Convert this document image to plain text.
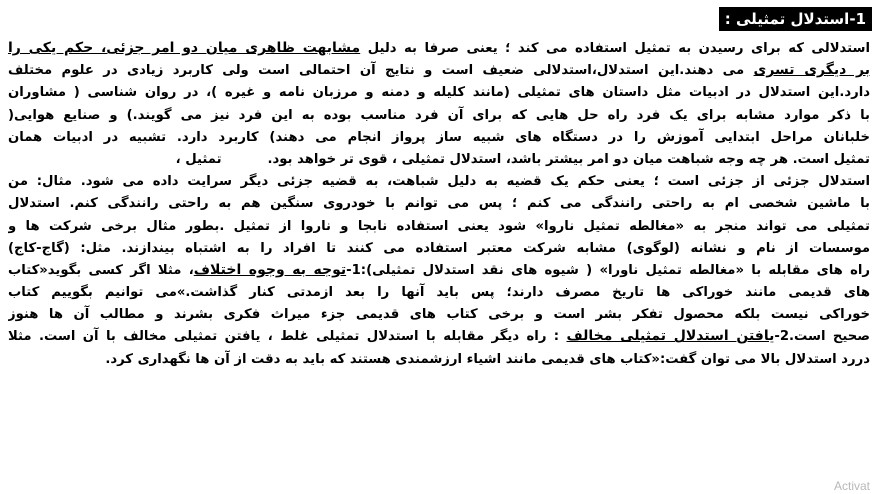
1-استدلال تمثیلی :
استدلالی که برای رسیدن به تمثیل استفاده می کند ؛ یعنی صرفا به دلیل مشابهت ظاهری میان دو امر جزئی، حکم یکی را
بر دیگری تسری می دهند.این استدلال،استدلالی ضعیف است و نتایج آن احتمالی است ولی کاربرد زیادی در علوم مختلف
دارد.این استدلال در ادبیات مثل داستان های تمثیلی (مانند کلیله و دمنه و مرزبان نامه و غیره )، در روان شناسی ( مشاوران
با ذکر موارد مشابه برای یک فرد راه حل هایی که برای آن فرد مناسب بوده به این فرد نیز می گویند.) و صنایع هوایی(
خلبانان مراحل ابتدایی آموزش را در دستگاه های شبیه ساز پرواز انجام می دهند) کاربرد دارد. تشبیه در ادبیات همان
تمثیل است. هر چه وجه شباهت میان دو امر بیشتر باشد، استدلال تمثیلی ، قوی تر خواهد بود.          تمثیل ،
استدلال جزئی از جزئی است ؛ یعنی حکم یک قضیه به دلیل شباهت، به قضیه جزئی دیگر سرایت داده می شود. مثال: من
با ماشین شخصی ام به راحتی رانندگی می کنم ؛ پس می توانم با خودروی سنگین هم به راحتی رانندگی کنم. استدلال
تمثیلی می تواند منجر به «مغالطه تمثیل ناروا» شود یعنی استفاده نابجا و ناروا از تمثیل .بطور مثال برخی شرکت ها و
موسسات از نام و نشانه (لوگوی) مشابه شرکت معتبر استفاده می کنند تا افراد را به اشتباه بیندازند. مثل: (گاج-کاج)
راه های مقابله با «مغالطه تمثیل ناورا» ( شیوه های نقد استدلال تمثیلی):1-توجه به وجوه اختلاف، مثلا اگر کسی بگوید«کتاب
های قدیمی مانند خوراکی ها تاریخ مصرف دارند؛ پس باید آنها را بعد ازمدتی کنار گذاشت.»می توانیم بگوییم کتاب
خوراکی نیست بلکه محصول تفکر بشر است و برخی کتاب های قدیمی جزء میراث فکری بشرند و مطالب آن ها هنوز
صحیح است.2-یافتن استدلال تمثیلی مخالف : راه دیگر مقابله با استدلال تمثیلی غلط ، یافتن تمثیلی مخالف با آن است. مثلا
دررد استدلال بالا می توان گفت:«کتاب های قدیمی مانند اشیاء ارزشمندی هستند که باید به دقت از آن ها نگهداری کرد.
Activat
